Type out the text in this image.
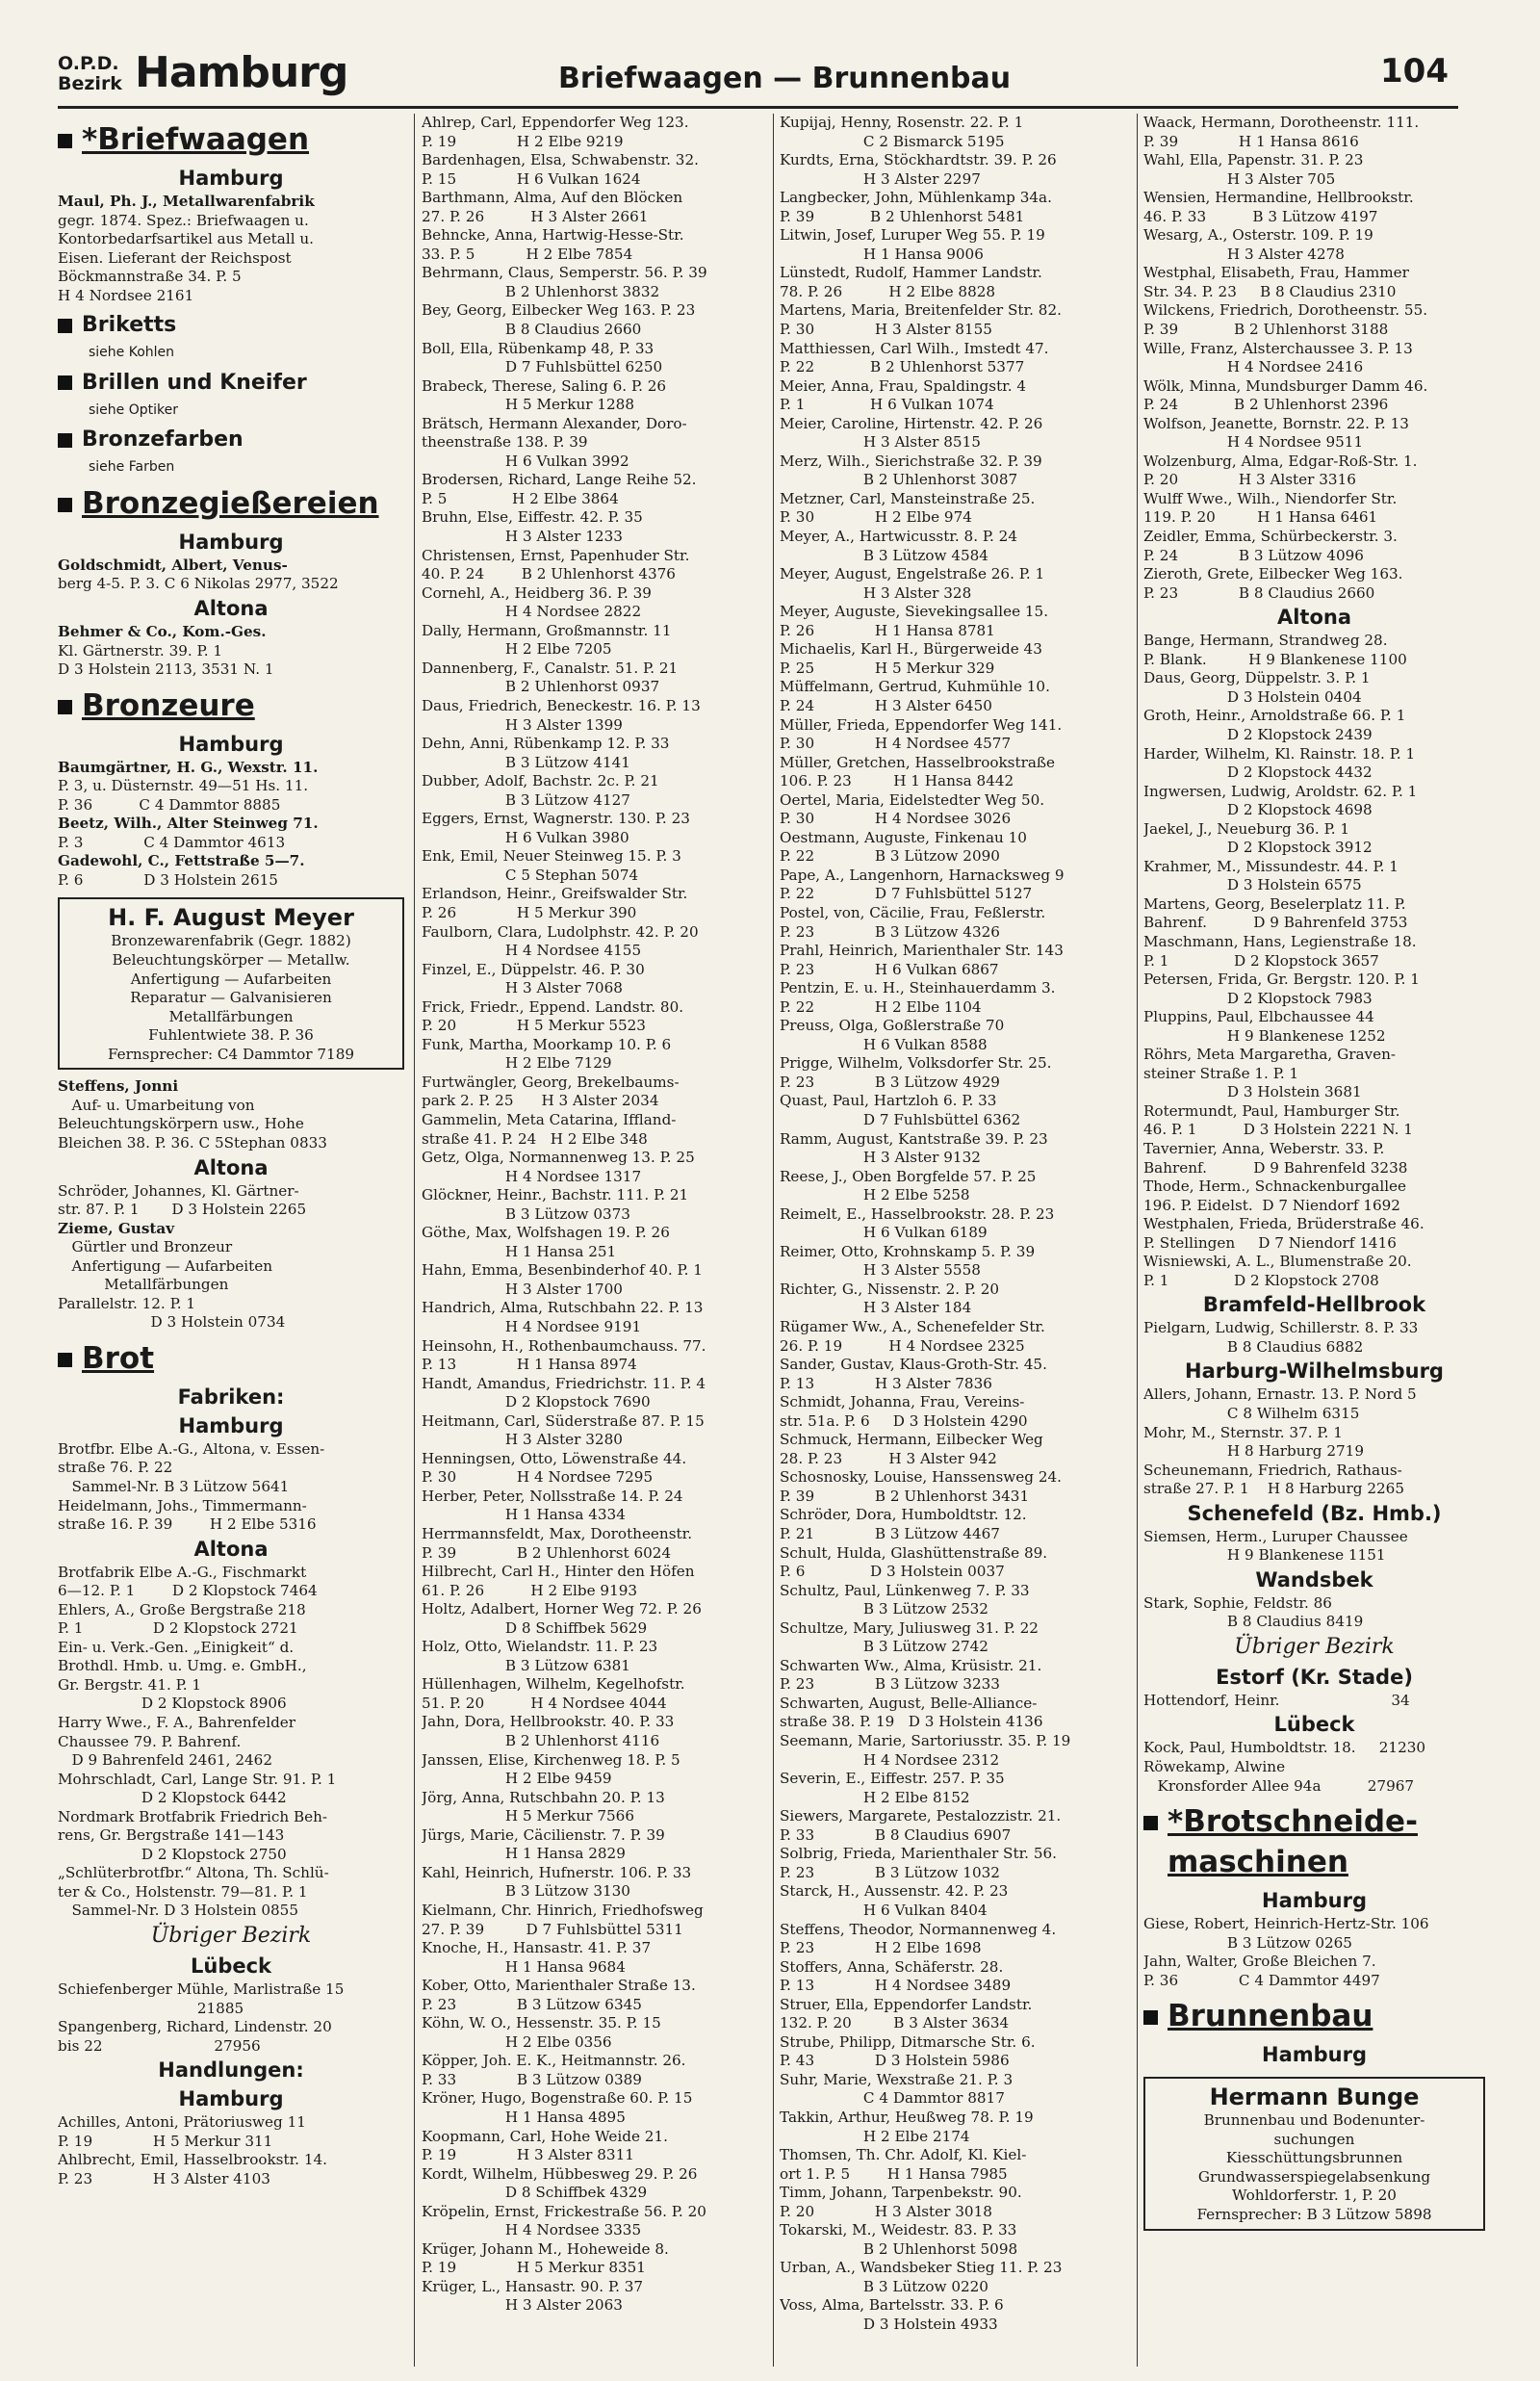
O.P.D.
Bezirk Hamburg	Briefwaagen — Brunnenbau	104
*Briefwaagen
Hamburg
Maul, Ph. J., Metallwarenfabrik
gegr. 1874. Spez.: Briefwaagen u.
Kontorbedarfsartikel aus Metall u.
Eisen. Lieferant der Reichspost
Böckmannstraße 34. P. 5
H 4 Nordsee 2161
Briketts
siehe Kohlen
Brillen und Kneifer
siehe Optiker
Bronzefarben
siehe Farben
Bronzegießereien
Hamburg
Goldschmidt, Albert, Venus-
berg 4-5. P. 3. C 6 Nikolas 2977, 3522
Altona
Behmer & Co., Kom.-Ges.
Kl. Gärtnerstr. 39. P. 1
D 3 Holstein 2113, 3531 N. 1
Bronzeure
Hamburg
Baumgärtner, H. G., Wexstr. 11.
P. 3, u. Düsternstr. 49—51 Hs. 11.
P. 36          C 4 Dammtor 8885
Beetz, Wilh., Alter Steinweg 71.
P. 3             C 4 Dammtor 4613
Gadewohl, C., Fettstraße 5—7.
P. 6             D 3 Holstein 2615
H. F. August Meyer
Bronzewarenfabrik (Gegr. 1882)
Beleuchtungskörper — Metallw.
Anfertigung — Aufarbeiten
Reparatur — Galvanisieren
Metallfärbungen
Fuhlentwiete 38. P. 36
Fernsprecher: C4 Dammtor 7189
Steffens, Jonni
Auf- u. Umarbeitung von
Beleuchtungskörpern usw., Hohe
Bleichen 38. P. 36. C 5Stephan 0833
Altona
Schröder, Johannes, Kl. Gärtner-
str. 87. P. 1       D 3 Holstein 2265
Zieme, Gustav
Gürtler und Bronzeur
Anfertigung — Aufarbeiten
Metallfärbungen
Parallelstr. 12. P. 1
D 3 Holstein 0734
Brot
Fabriken:
Hamburg
Brotfbr. Elbe A.-G., Altona, v. Essen-
straße 76. P. 22
Sammel-Nr. B 3 Lützow 5641
Heidelmann, Johs., Timmermann-
straße 16. P. 39        H 2 Elbe 5316
Altona
Brotfabrik Elbe A.-G., Fischmarkt
6—12. P. 1        D 2 Klopstock 7464
Ehlers, A., Große Bergstraße 218
P. 1               D 2 Klopstock 2721
Ein- u. Verk.-Gen. „Einigkeit“ d.
Brothdl. Hmb. u. Umg. e. GmbH.,
Gr. Bergstr. 41. P. 1
D 2 Klopstock 8906
Harry Wwe., F. A., Bahrenfelder
Chaussee 79. P. Bahrenf.
D 9 Bahrenfeld 2461, 2462
Mohrschladt, Carl, Lange Str. 91. P. 1
D 2 Klopstock 6442
Nordmark Brotfabrik Friedrich Beh-
rens, Gr. Bergstraße 141—143
D 2 Klopstock 2750
„Schlüterbrotfbr.“ Altona, Th. Schlü-
ter & Co., Holstenstr. 79—81. P. 1
Sammel-Nr. D 3 Holstein 0855
Übriger Bezirk
Lübeck
Schiefenberger Mühle, Marlistraße 15
21885
Spangenberg, Richard, Lindenstr. 20
bis 22                        27956
Handlungen:
Hamburg
Achilles, Antoni, Prätoriusweg 11
P. 19             H 5 Merkur 311
Ahlbrecht, Emil, Hasselbrookstr. 14.
P. 23             H 3 Alster 4103
Ahlrep, Carl, Eppendorfer Weg 123.
P. 19             H 2 Elbe 9219
Bardenhagen, Elsa, Schwabenstr. 32.
P. 15             H 6 Vulkan 1624
Barthmann, Alma, Auf den Blöcken
27. P. 26          H 3 Alster 2661
Behncke, Anna, Hartwig-Hesse-Str.
33. P. 5           H 2 Elbe 7854
Behrmann, Claus, Semperstr. 56. P. 39
B 2 Uhlenhorst 3832
Bey, Georg, Eilbecker Weg 163. P. 23
B 8 Claudius 2660
Boll, Ella, Rübenkamp 48, P. 33
D 7 Fuhlsbüttel 6250
Brabeck, Therese, Saling 6. P. 26
H 5 Merkur 1288
Brätsch, Hermann Alexander, Doro-
theenstraße 138. P. 39
H 6 Vulkan 3992
Brodersen, Richard, Lange Reihe 52.
P. 5              H 2 Elbe 3864
Bruhn, Else, Eiffestr. 42. P. 35
H 3 Alster 1233
Christensen, Ernst, Papenhuder Str.
40. P. 24        B 2 Uhlenhorst 4376
Cornehl, A., Heidberg 36. P. 39
H 4 Nordsee 2822
Dally, Hermann, Großmannstr. 11
H 2 Elbe 7205
Dannenberg, F., Canalstr. 51. P. 21
B 2 Uhlenhorst 0937
Daus, Friedrich, Beneckestr. 16. P. 13
H 3 Alster 1399
Dehn, Anni, Rübenkamp 12. P. 33
B 3 Lützow 4141
Dubber, Adolf, Bachstr. 2c. P. 21
B 3 Lützow 4127
Eggers, Ernst, Wagnerstr. 130. P. 23
H 6 Vulkan 3980
Enk, Emil, Neuer Steinweg 15. P. 3
C 5 Stephan 5074
Erlandson, Heinr., Greifswalder Str.
P. 26             H 5 Merkur 390
Faulborn, Clara, Ludolphstr. 42. P. 20
H 4 Nordsee 4155
Finzel, E., Düppelstr. 46. P. 30
H 3 Alster 7068
Frick, Friedr., Eppend. Landstr. 80.
P. 20             H 5 Merkur 5523
Funk, Martha, Moorkamp 10. P. 6
H 2 Elbe 7129
Furtwängler, Georg, Brekelbaums-
park 2. P. 25      H 3 Alster 2034
Gammelin, Meta Catarina, Iffland-
straße 41. P. 24   H 2 Elbe 348
Getz, Olga, Normannenweg 13. P. 25
H 4 Nordsee 1317
Glöckner, Heinr., Bachstr. 111. P. 21
B 3 Lützow 0373
Göthe, Max, Wolfshagen 19. P. 26
H 1 Hansa 251
Hahn, Emma, Besenbinderhof 40. P. 1
H 3 Alster 1700
Handrich, Alma, Rutschbahn 22. P. 13
H 4 Nordsee 9191
Heinsohn, H., Rothenbaumchauss. 77.
P. 13             H 1 Hansa 8974
Handt, Amandus, Friedrichstr. 11. P. 4
D 2 Klopstock 7690
Heitmann, Carl, Süderstraße 87. P. 15
H 3 Alster 3280
Henningsen, Otto, Löwenstraße 44.
P. 30             H 4 Nordsee 7295
Herber, Peter, Nollsstraße 14. P. 24
H 1 Hansa 4334
Herrmannsfeldt, Max, Dorotheenstr.
P. 39             B 2 Uhlenhorst 6024
Hilbrecht, Carl H., Hinter den Höfen
61. P. 26          H 2 Elbe 9193
Holtz, Adalbert, Horner Weg 72. P. 26
D 8 Schiffbek 5629
Holz, Otto, Wielandstr. 11. P. 23
B 3 Lützow 6381
Hüllenhagen, Wilhelm, Kegelhofstr.
51. P. 20          H 4 Nordsee 4044
Jahn, Dora, Hellbrookstr. 40. P. 33
B 2 Uhlenhorst 4116
Janssen, Elise, Kirchenweg 18. P. 5
H 2 Elbe 9459
Jörg, Anna, Rutschbahn 20. P. 13
H 5 Merkur 7566
Jürgs, Marie, Cäcilienstr. 7. P. 39
H 1 Hansa 2829
Kahl, Heinrich, Hufnerstr. 106. P. 33
B 3 Lützow 3130
Kielmann, Chr. Hinrich, Friedhofsweg
27. P. 39         D 7 Fuhlsbüttel 5311
Knoche, H., Hansastr. 41. P. 37
H 1 Hansa 9684
Kober, Otto, Marienthaler Straße 13.
P. 23             B 3 Lützow 6345
Köhn, W. O., Hessenstr. 35. P. 15
H 2 Elbe 0356
Köpper, Joh. E. K., Heitmannstr. 26.
P. 33             B 3 Lützow 0389
Kröner, Hugo, Bogenstraße 60. P. 15
H 1 Hansa 4895
Koopmann, Carl, Hohe Weide 21.
P. 19             H 3 Alster 8311
Kordt, Wilhelm, Hübbesweg 29. P. 26
D 8 Schiffbek 4329
Kröpelin, Ernst, Frickestraße 56. P. 20
H 4 Nordsee 3335
Krüger, Johann M., Hoheweide 8.
P. 19             H 5 Merkur 8351
Krüger, L., Hansastr. 90. P. 37
H 3 Alster 2063
Kupijaj, Henny, Rosenstr. 22. P. 1
C 2 Bismarck 5195
Kurdts, Erna, Stöckhardtstr. 39. P. 26
H 3 Alster 2297
Langbecker, John, Mühlenkamp 34a.
P. 39            B 2 Uhlenhorst 5481
Litwin, Josef, Luruper Weg 55. P. 19
H 1 Hansa 9006
Lünstedt, Rudolf, Hammer Landstr.
78. P. 26          H 2 Elbe 8828
Martens, Maria, Breitenfelder Str. 82.
P. 30             H 3 Alster 8155
Matthiessen, Carl Wilh., Imstedt 47.
P. 22            B 2 Uhlenhorst 5377
Meier, Anna, Frau, Spaldingstr. 4
P. 1              H 6 Vulkan 1074
Meier, Caroline, Hirtenstr. 42. P. 26
H 3 Alster 8515
Merz, Wilh., Sierichstraße 32. P. 39
B 2 Uhlenhorst 3087
Metzner, Carl, Mansteinstraße 25.
P. 30             H 2 Elbe 974
Meyer, A., Hartwicusstr. 8. P. 24
B 3 Lützow 4584
Meyer, August, Engelstraße 26. P. 1
H 3 Alster 328
Meyer, Auguste, Sievekingsallee 15.
P. 26             H 1 Hansa 8781
Michaelis, Karl H., Bürgerweide 43
P. 25             H 5 Merkur 329
Müffelmann, Gertrud, Kuhmühle 10.
P. 24             H 3 Alster 6450
Müller, Frieda, Eppendorfer Weg 141.
P. 30             H 4 Nordsee 4577
Müller, Gretchen, Hasselbrookstraße
106. P. 23         H 1 Hansa 8442
Oertel, Maria, Eidelstedter Weg 50.
P. 30             H 4 Nordsee 3026
Oestmann, Auguste, Finkenau 10
P. 22             B 3 Lützow 2090
Pape, A., Langenhorn, Harnacksweg 9
P. 22             D 7 Fuhlsbüttel 5127
Postel, von, Cäcilie, Frau, Feßlerstr.
P. 23             B 3 Lützow 4326
Prahl, Heinrich, Marienthaler Str. 143
P. 23             H 6 Vulkan 6867
Pentzin, E. u. H., Steinhauerdamm 3.
P. 22             H 2 Elbe 1104
Preuss, Olga, Goßlerstraße 70
H 6 Vulkan 8588
Prigge, Wilhelm, Volksdorfer Str. 25.
P. 23             B 3 Lützow 4929
Quast, Paul, Hartzloh 6. P. 33
D 7 Fuhlsbüttel 6362
Ramm, August, Kantstraße 39. P. 23
H 3 Alster 9132
Reese, J., Oben Borgfelde 57. P. 25
H 2 Elbe 5258
Reimelt, E., Hasselbrookstr. 28. P. 23
H 6 Vulkan 6189
Reimer, Otto, Krohnskamp 5. P. 39
H 3 Alster 5558
Richter, G., Nissenstr. 2. P. 20
H 3 Alster 184
Rügamer Ww., A., Schenefelder Str.
26. P. 19          H 4 Nordsee 2325
Sander, Gustav, Klaus-Groth-Str. 45.
P. 13             H 3 Alster 7836
Schmidt, Johanna, Frau, Vereins-
str. 51a. P. 6     D 3 Holstein 4290
Schmuck, Hermann, Eilbecker Weg
28. P. 23          H 3 Alster 942
Schosnosky, Louise, Hanssensweg 24.
P. 39             B 2 Uhlenhorst 3431
Schröder, Dora, Humboldtstr. 12.
P. 21             B 3 Lützow 4467
Schult, Hulda, Glashüttenstraße 89.
P. 6              D 3 Holstein 0037
Schultz, Paul, Lünkenweg 7. P. 33
B 3 Lützow 2532
Schultze, Mary, Juliusweg 31. P. 22
B 3 Lützow 2742
Schwarten Ww., Alma, Krüsistr. 21.
P. 23             B 3 Lützow 3233
Schwarten, August, Belle-Alliance-
straße 38. P. 19   D 3 Holstein 4136
Seemann, Marie, Sartoriusstr. 35. P. 19
H 4 Nordsee 2312
Severin, E., Eiffestr. 257. P. 35
H 2 Elbe 8152
Siewers, Margarete, Pestalozzistr. 21.
P. 33             B 8 Claudius 6907
Solbrig, Frieda, Marienthaler Str. 56.
P. 23             B 3 Lützow 1032
Starck, H., Aussenstr. 42. P. 23
H 6 Vulkan 8404
Steffens, Theodor, Normannenweg 4.
P. 23             H 2 Elbe 1698
Stoffers, Anna, Schäferstr. 28.
P. 13             H 4 Nordsee 3489
Struer, Ella, Eppendorfer Landstr.
132. P. 20         B 3 Alster 3634
Strube, Philipp, Ditmarsche Str. 6.
P. 43             D 3 Holstein 5986
Suhr, Marie, Wexstraße 21. P. 3
C 4 Dammtor 8817
Takkin, Arthur, Heußweg 78. P. 19
H 2 Elbe 2174
Thomsen, Th. Chr. Adolf, Kl. Kiel-
ort 1. P. 5        H 1 Hansa 7985
Timm, Johann, Tarpenbekstr. 90.
P. 20             H 3 Alster 3018
Tokarski, M., Weidestr. 83. P. 33
B 2 Uhlenhorst 5098
Urban, A., Wandsbeker Stieg 11. P. 23
B 3 Lützow 0220
Voss, Alma, Bartelsstr. 33. P. 6
D 3 Holstein 4933
Waack, Hermann, Dorotheenstr. 111.
P. 39             H 1 Hansa 8616
Wahl, Ella, Papenstr. 31. P. 23
H 3 Alster 705
Wensien, Hermandine, Hellbrookstr.
46. P. 33          B 3 Lützow 4197
Wesarg, A., Osterstr. 109. P. 19
H 3 Alster 4278
Westphal, Elisabeth, Frau, Hammer
Str. 34. P. 23     B 8 Claudius 2310
Wilckens, Friedrich, Dorotheenstr. 55.
P. 39            B 2 Uhlenhorst 3188
Wille, Franz, Alsterchaussee 3. P. 13
H 4 Nordsee 2416
Wölk, Minna, Mundsburger Damm 46.
P. 24            B 2 Uhlenhorst 2396
Wolfson, Jeanette, Bornstr. 22. P. 13
H 4 Nordsee 9511
Wolzenburg, Alma, Edgar-Roß-Str. 1.
P. 20             H 3 Alster 3316
Wulff Wwe., Wilh., Niendorfer Str.
119. P. 20         H 1 Hansa 6461
Zeidler, Emma, Schürbeckerstr. 3.
P. 24             B 3 Lützow 4096
Zieroth, Grete, Eilbecker Weg 163.
P. 23             B 8 Claudius 2660
Altona
Bange, Hermann, Strandweg 28.
P. Blank.         H 9 Blankenese 1100
Daus, Georg, Düppelstr. 3. P. 1
D 3 Holstein 0404
Groth, Heinr., Arnoldstraße 66. P. 1
D 2 Klopstock 2439
Harder, Wilhelm, Kl. Rainstr. 18. P. 1
D 2 Klopstock 4432
Ingwersen, Ludwig, Aroldstr. 62. P. 1
D 2 Klopstock 4698
Jaekel, J., Neueburg 36. P. 1
D 2 Klopstock 3912
Krahmer, M., Missundestr. 44. P. 1
D 3 Holstein 6575
Martens, Georg, Beselerplatz 11. P.
Bahrenf.          D 9 Bahrenfeld 3753
Maschmann, Hans, Legienstraße 18.
P. 1              D 2 Klopstock 3657
Petersen, Frida, Gr. Bergstr. 120. P. 1
D 2 Klopstock 7983
Pluppins, Paul, Elbchaussee 44
H 9 Blankenese 1252
Röhrs, Meta Margaretha, Graven-
steiner Straße 1. P. 1
D 3 Holstein 3681
Rotermundt, Paul, Hamburger Str.
46. P. 1          D 3 Holstein 2221 N. 1
Tavernier, Anna, Weberstr. 33. P.
Bahrenf.          D 9 Bahrenfeld 3238
Thode, Herm., Schnackenburgallee
196. P. Eidelst.  D 7 Niendorf 1692
Westphalen, Frieda, Brüderstraße 46.
P. Stellingen     D 7 Niendorf 1416
Wisniewski, A. L., Blumenstraße 20.
P. 1              D 2 Klopstock 2708
Bramfeld-Hellbrook
Pielgarn, Ludwig, Schillerstr. 8. P. 33
B 8 Claudius 6882
Harburg-Wilhelmsburg
Allers, Johann, Ernastr. 13. P. Nord 5
C 8 Wilhelm 6315
Mohr, M., Sternstr. 37. P. 1
H 8 Harburg 2719
Scheunemann, Friedrich, Rathaus-
straße 27. P. 1    H 8 Harburg 2265
Schenefeld (Bz. Hmb.)
Siemsen, Herm., Luruper Chaussee
H 9 Blankenese 1151
Wandsbek
Stark, Sophie, Feldstr. 86
B 8 Claudius 8419
Übriger Bezirk
Estorf (Kr. Stade)
Hottendorf, Heinr.                        34
Lübeck
Kock, Paul, Humboldtstr. 18.     21230
Röwekamp, Alwine
Kronsforder Allee 94a          27967
*Brotschneide-
maschinen
Hamburg
Giese, Robert, Heinrich-Hertz-Str. 106
B 3 Lützow 0265
Jahn, Walter, Große Bleichen 7.
P. 36             C 4 Dammtor 4497
Brunnenbau
Hamburg
Hermann Bunge
Brunnenbau und Bodenunter-
suchungen
Kiesschüttungsbrunnen
Grundwasserspiegelabsenkung
Wohldorferstr. 1, P. 20
Fernsprecher: B 3 Lützow 5898
